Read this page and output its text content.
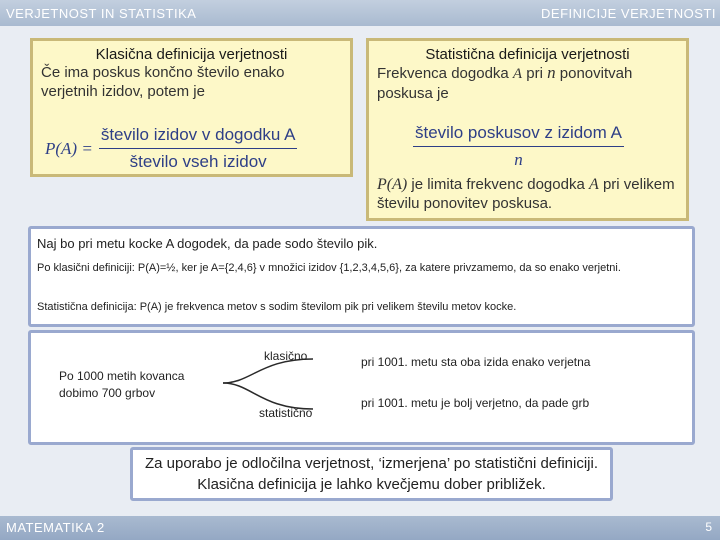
VERJETNOST IN STATISTIKA	DEFINICIJE VERJETNOSTI
Klasična definicija verjetnosti
Če ima poskus končno število enako verjetnih izidov, potem je
$P(A) = \frac{\text{število izidov v dogodku A}}{\text{število vseh izidov}}$
Statistična definicija verjetnosti
Frekvenca dogodka A pri n ponovitvah poskusa je
$\frac{\text{število poskusov z izidom A}}{n}$
P(A) je limita frekvenc dogodka A pri velikem številu ponovitev poskusa.
Naj bo pri metu kocke A dogodek, da pade sodo število pik.
Po klasični definiciji: P(A)=½, ker je A={2,4,6} v množici izidov {1,2,3,4,5,6}, za katere privzamemo, da so enako verjetni.
Statistična definicija: P(A) je frekvenca metov s sodim številom pik pri velikem številu metov kocke.
Po 1000 metih kovanca dobimo 700 grbov
klasično
statistično
pri 1001. metu sta oba izida enako verjetna
pri 1001. metu je bolj verjetno, da pade grb
Za uporabo je odločilna verjetnost, ‘izmerjena’ po statistični definiciji. Klasična definicija je lahko kvečjemu dober približek.
MATEMATIKA 2	5
